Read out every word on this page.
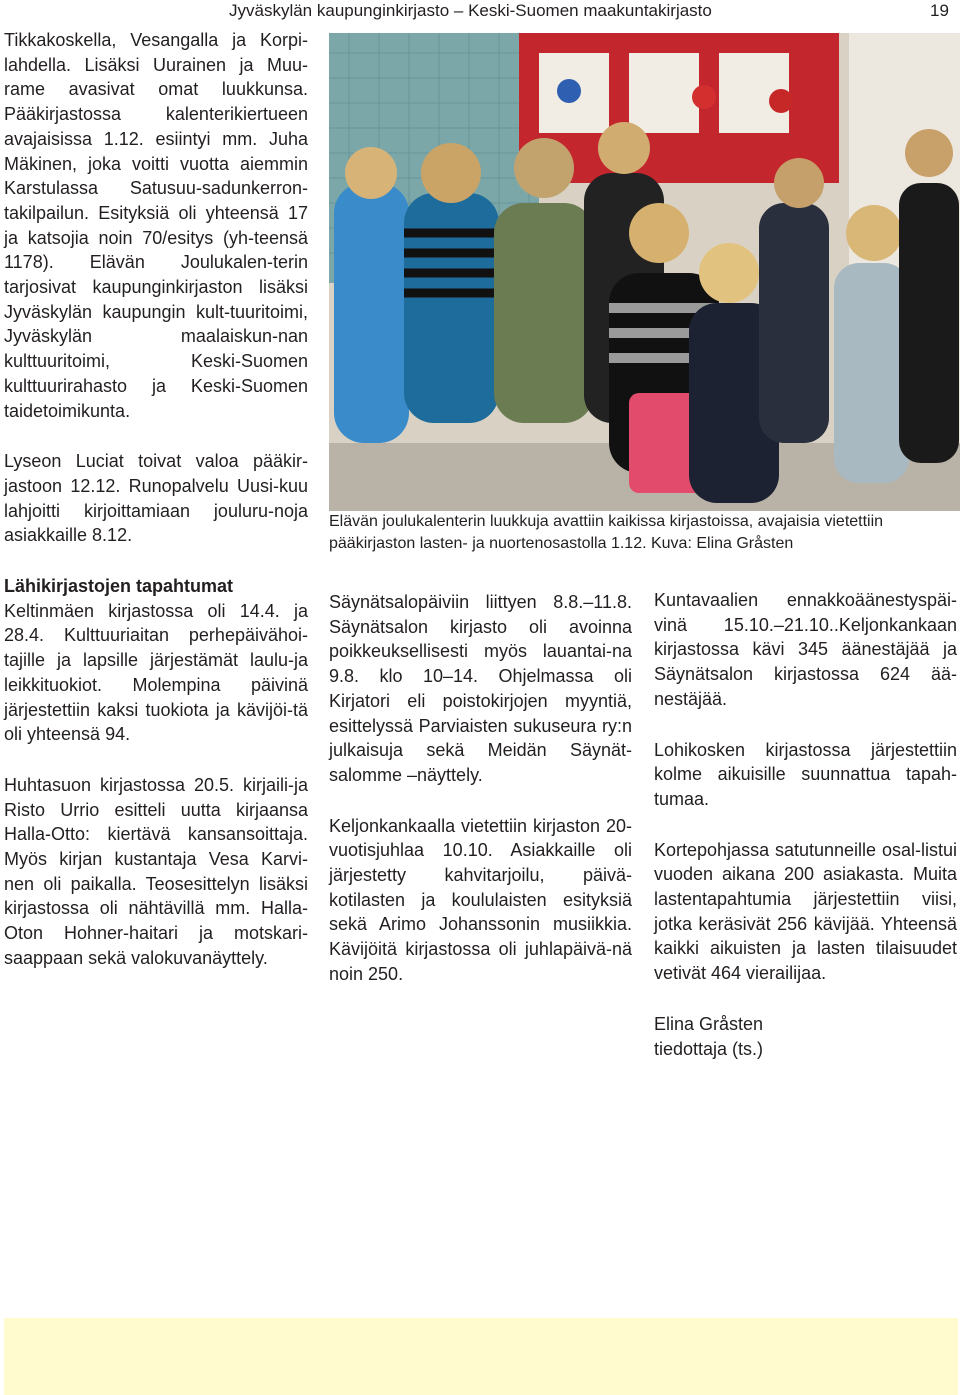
Jyväskylän kaupunginkirjasto – Keski-Suomen maakuntakirjasto	19

Tikkakoskella, Vesangalla ja Korpi-lahdella. Lisäksi Uurainen ja Muu-rame avasivat omat luukkunsa. Pääkirjastossa kalenterikiertueen avajaisissa 1.12. esiintyi mm. Juha Mäkinen, joka voitti vuotta aiemmin Karstulassa Satusuu-sadunkerron-takilpailun. Esityksiä oli yhteensä 17 ja katsojia noin 70/esitys (yh-teensä 1178). Elävän Joulukalen-terin tarjosivat kaupunginkirjaston lisäksi Jyväskylän kaupungin kult-tuuritoimi, Jyväskylän maalaiskun-nan kulttuuritoimi, Keski-Suomen kulttuurirahasto ja Keski-Suomen taidetoimikunta.

Lyseon Luciat toivat valoa pääkir-jastoon 12.12. Runopalvelu Uusi-kuu lahjoitti kirjoittamiaan jouluru-noja asiakkaille 8.12.

Lähikirjastojen tapahtumat

Keltinmäen kirjastossa oli 14.4. ja 28.4. Kulttuuriaitan perhepäivähoi-tajille ja lapsille järjestämät laulu-ja leikkituokiot. Molempina päivinä järjestettiin kaksi tuokiota ja kävijöi-tä oli yhteensä 94.

Huhtasuon kirjastossa 20.5. kirjaili-ja Risto Urrio esitteli uutta kirjaansa Halla-Otto: kiertävä kansansoittaja. Myös kirjan kustantaja Vesa Karvi-nen oli paikalla. Teosesittelyn lisäksi kirjastossa oli nähtävillä mm. Halla-Oton Hohner-haitari ja motskari-saappaan sekä valokuvanäyttely.

Elävän joulukalenterin luukkuja avattiin kaikissa kirjastoissa, avajaisia vietettiin pääkirjaston lasten- ja nuortenosastolla 1.12. Kuva: Elina Gråsten

Säynätsalopäiviin liittyen 8.8.–11.8. Säynätsalon kirjasto oli avoinna poikkeuksellisesti myös lauantai-na 9.8. klo 10–14. Ohjelmassa oli Kirjatori eli poistokirjojen myyntiä, esittelyssä Parviaisten sukuseura ry:n julkaisuja sekä Meidän Säynät-salomme –näyttely.

Keljonkankaalla vietettiin kirjaston 20-vuotisjuhlaa 10.10. Asiakkaille oli järjestetty kahvitarjoilu, päivä-kotilasten ja koululaisten esityksiä sekä Arimo Johanssonin musiikkia. Kävijöitä kirjastossa oli juhlapäivä-nä noin 250.

Kuntavaalien ennakkoäänestyspäi-vinä 15.10.–21.10..Keljonkankaan kirjastossa kävi 345 äänestäjää ja Säynätsalon kirjastossa 624 ää-nestäjää.

Lohikosken kirjastossa järjestettiin kolme aikuisille suunnattua tapah-tumaa.

Kortepohjassa satutunneille osal-listui vuoden aikana 200 asiakasta. Muita lastentapahtumia järjestettiin viisi, jotka keräsivät 256 kävijää. Yhteensä kaikki aikuisten ja lasten tilaisuudet vetivät 464 vierailijaa.

Elina Gråsten
tiedottaja (ts.)
